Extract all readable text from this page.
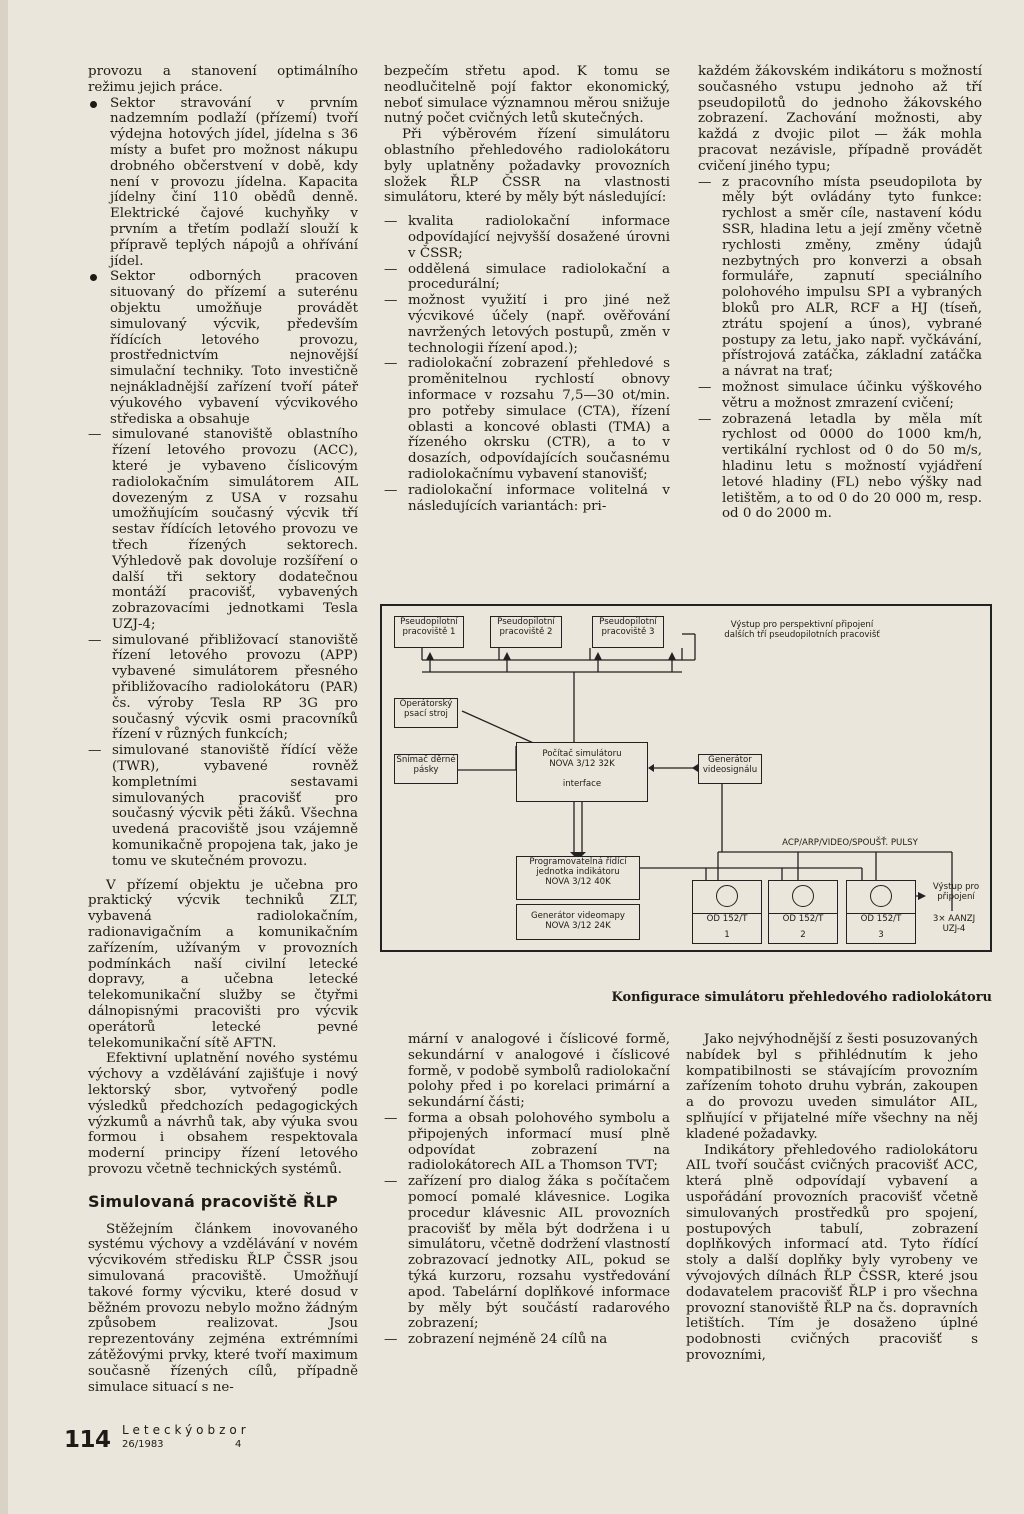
provozu a stanovení optimálního režimu jejich práce.

Sektor stravování v prvním nadzemním podlaží (přízemí) tvoří výdejna hotových jídel, jídelna s 36 místy a bufet pro možnost nákupu drobného občerstvení v době, kdy není v provozu jídelna. Kapacita jídelny činí 110 obědů denně. Elektrické čajové kuchyňky v prvním a třetím podlaží slouží k přípravě teplých nápojů a ohřívání jídel.
Sektor odborných pracoven situovaný do přízemí a suterénu objektu umožňuje provádět simulovaný výcvik, především řídících letového provozu, prostřednictvím nejnovější simulační techniky. Toto investičně nejnákladnější zařízení tvoří páteř výukového vybavení výcvikového střediska a obsahuje
— simulované stanoviště oblastního řízení letového provozu (ACC), které je vybaveno číslicovým radiolokačním simulátorem AIL dovezeným z USA v rozsahu umožňujícím současný výcvik tří sestav řídících letového provozu ve třech řízených sektorech. Výhledově pak dovoluje rozšíření o další tři sektory dodatečnou montáží pracovišť, vybavených zobrazovacími jednotkami Tesla UZJ-4;
— simulované přibližovací stanoviště řízení letového provozu (APP) vybavené simulátorem přesného přibližovacího radiolokátoru (PAR) čs. výroby Tesla RP 3G pro současný výcvik osmi pracovníků řízení v různých funkcích;
— simulované stanoviště řídící věže (TWR), vybavené rovněž kompletními sestavami simulovaných pracovišť pro současný výcvik pěti žáků. Všechna uvedená pracoviště jsou vzájemně komunikačně propojena tak, jako je tomu ve skutečném provozu.

V přízemí objektu je učebna pro praktický výcvik techniků ZLT, vybavená radiolokačním, radionavigačním a komunikačním zařízením, užívaným v provozních podmínkách naší civilní letecké dopravy, a učebna letecké telekomunikační služby se čtyřmi dálnopisnými pracovišti pro výcvik operátorů letecké pevné telekomunikační sítě AFTN.

Efektivní uplatnění nového systému výchovy a vzdělávání zajišťuje i nový lektorský sbor, vytvořený podle výsledků předchozích pedagogických výzkumů a návrhů tak, aby výuka svou formou i obsahem respektovala moderní principy řízení letového provozu včetně technických systémů.

Simulovaná pracoviště ŘLP

Stěžejním článkem inovovaného systému výchovy a vzdělávání v novém výcvikovém středisku ŘLP ČSSR jsou simulovaná pracoviště. Umožňují takové formy výcviku, které dosud v běžném provozu nebylo možno žádným způsobem realizovat. Jsou reprezentovány zejména extrémními zátěžovými prvky, které tvoří maximum současně řízených cílů, případně simulace situací s ne-

bezpečím střetu apod. K tomu se neodlučitelně pojí faktor ekonomický, neboť simulace významnou měrou snižuje nutný počet cvičných letů skutečných.

Při výběrovém řízení simulátoru oblastního přehledového radiolokátoru byly uplatněny požadavky provozních složek ŘLP ČSSR na vlastnosti simulátoru, které by měly být následující:

— kvalita radiolokační informace odpovídající nejvyšší dosažené úrovni v ČSSR;
— oddělená simulace radiolokační a procedurální;
— možnost využití i pro jiné než výcvikové účely (např. ověřování navržených letových postupů, změn v technologii řízení apod.);
— radiolokační zobrazení přehledové s proměnitelnou rychlostí obnovy informace v rozsahu 7,5—30 ot/min. pro potřeby simulace (CTA), řízení oblasti a koncové oblasti (TMA) a řízeného okrsku (CTR), a to v dosazích, odpovídajících současnému radiolokačnímu vybavení stanovišť;
— radiolokační informace volitelná v následujících variantách: pri-

každém žákovském indikátoru s možností současného vstupu jednoho až tří pseudopilotů do jednoho žákovského zobrazení. Zachování možnosti, aby každá z dvojic pilot — žák mohla pracovat nezávisle, případně provádět cvičení jiného typu;

— z pracovního místa pseudopilota by měly být ovládány tyto funkce: rychlost a směr cíle, nastavení kódu SSR, hladina letu a její změny včetně rychlosti změny, změny údajů nezbytných pro konverzi a obsah formuláře, zapnutí speciálního polohového impulsu SPI a vybraných bloků pro ALR, RCF a HJ (tíseň, ztrátu spojení a únos), vybrané postupy za letu, jako např. vyčkávání, přístrojová zatáčka, základní zatáčka a návrat na trať;
— možnost simulace účinku výškového větru a možnost zmrazení cvičení;
— zobrazená letadla by měla mít rychlost od 0000 do 1000 km/h, vertikální rychlost od 0 do 50 m/s, hladinu letu s možností vyjádření letové hladiny (FL) nebo výšky nad letištěm, a to od 0 do 20 000 m, resp. od 0 do 2000 m.
Pseudopilotní
pracoviště 1
Pseudopilotní
pracoviště 2
Pseudopilotní
pracoviště 3
Výstup pro perspektivní připojení
dalších tří pseudopilotních pracovišť
Operátorský
psací stroj
Snímač děrné
pásky
Počítač simulátoru
NOVA 3/12 32K
interface
Generátor
videosignálu
ACP/ARP/VIDEO/SPOUŠŤ. PULSY
Programovatelná řídící
jednotka indikátoru
NOVA 3/12 40K
Generátor videomapy
NOVA 3/12 24K
OD 152/T
1
OD 152/T
2
OD 152/T
3
Výstup pro
připojení
3× AANZJ
UZJ-4
Konfigurace simulátoru přehledového radiolokátoru

mární v analogové i číslicové formě, sekundární v analogové i číslicové formě, v podobě symbolů radiolokační polohy před i po korelaci primární a sekundární části;

— forma a obsah polohového symbolu a připojených informací musí plně odpovídat zobrazení na radiolokátorech AIL a Thomson TVT;
— zařízení pro dialog žáka s počítačem pomocí pomalé klávesnice. Logika procedur klávesnic AIL provozních pracovišť by měla být dodržena i u simulátoru, včetně dodržení vlastností zobrazovací jednotky AIL, pokud se týká kurzoru, rozsahu vystředování apod. Tabelární doplňkové informace by měly být součástí radarového zobrazení;
— zobrazení nejméně 24 cílů na

Jako nejvýhodnější z šesti posuzovaných nabídek byl s přihlédnutím k jeho kompatibilnosti se stávajícím provozním zařízením tohoto druhu vybrán, zakoupen a do provozu uveden simulátor AIL, splňující v přijatelné míře všechny na něj kladené požadavky.

Indikátory přehledového radiolokátoru AIL tvoří součást cvičných pracovišť ACC, která plně odpovídají vybavení a uspořádání provozních pracovišť včetně simulovaných prostředků pro spojení, postupových tabulí, zobrazení doplňkových informací atd. Tyto řídící stoly a další doplňky byly vyrobeny ve vývojových dílnách ŘLP ČSSR, které jsou dodavatelem pracovišť ŘLP i pro všechna provozní stanoviště ŘLP na čs. dopravních letištích. Tím je dosaženo úplné podobnosti cvičných pracovišť s provozními,

114 Leteckýobzor
26/1983	4
